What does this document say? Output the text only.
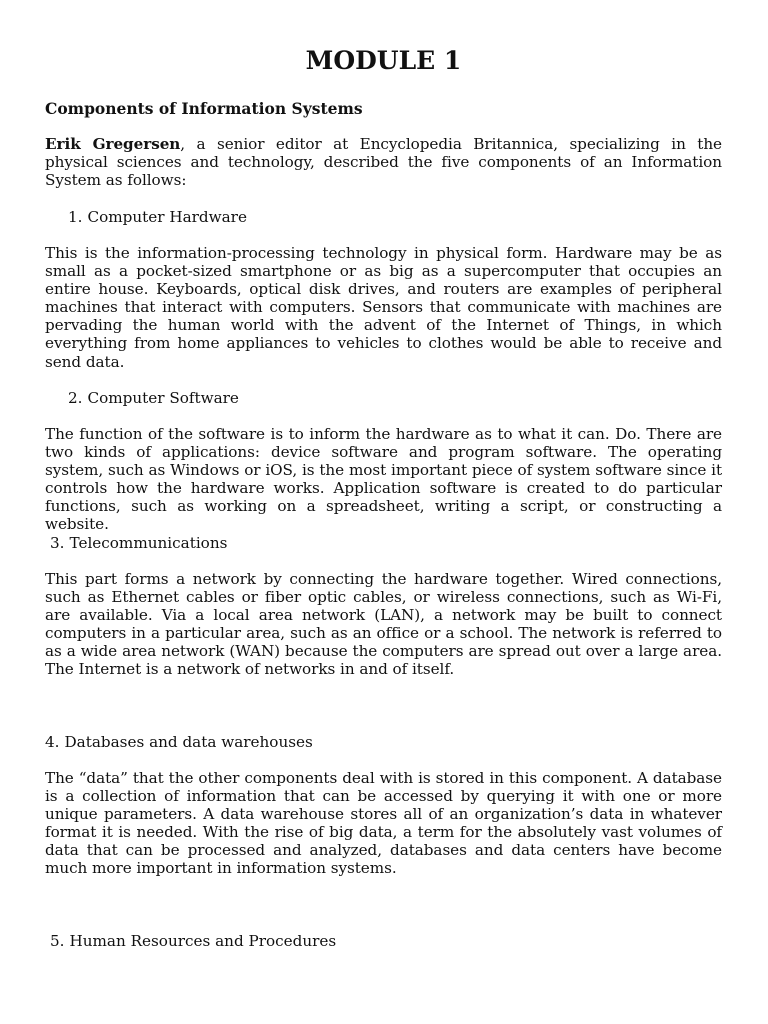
MODULE 1

Components of Information Systems

Erik Gregersen, a senior editor at Encyclopedia Britannica, specializing in the physical sciences and technology, described the five components of an Information System as follows:

1. Computer Hardware

This is the information-processing technology in physical form. Hardware may be as small as a pocket-sized smartphone or as big as a supercomputer that occupies an entire house. Keyboards, optical disk drives, and routers are examples of peripheral machines that interact with computers. Sensors that communicate with machines are pervading the human world with the advent of the Internet of Things, in which everything from home appliances to vehicles to clothes would be able to receive and send data.

2. Computer Software

The function of the software is to inform the hardware as to what it can. Do. There are two kinds of applications: device software and program software. The operating system, such as Windows or iOS, is the most important piece of system software since it controls how the hardware works. Application software is created to do particular functions, such as working on a spreadsheet, writing a script, or constructing a website.

3. Telecommunications

This part forms a network by connecting the hardware together. Wired connections, such as Ethernet cables or fiber optic cables, or wireless connections, such as Wi-Fi, are available. Via a local area network (LAN), a network may be built to connect computers in a particular area, such as an office or a school. The network is referred to as a wide area network (WAN) because the computers are spread out over a large area. The Internet is a network of networks in and of itself.

4. Databases and data warehouses

The “data” that the other components deal with is stored in this component. A database is a collection of information that can be accessed by querying it with one or more unique parameters. A data warehouse stores all of an organization’s data in whatever format it is needed. With the rise of big data, a term for the absolutely vast volumes of data that can be processed and analyzed, databases and data centers have become much more important in information systems.

5. Human Resources and Procedures
